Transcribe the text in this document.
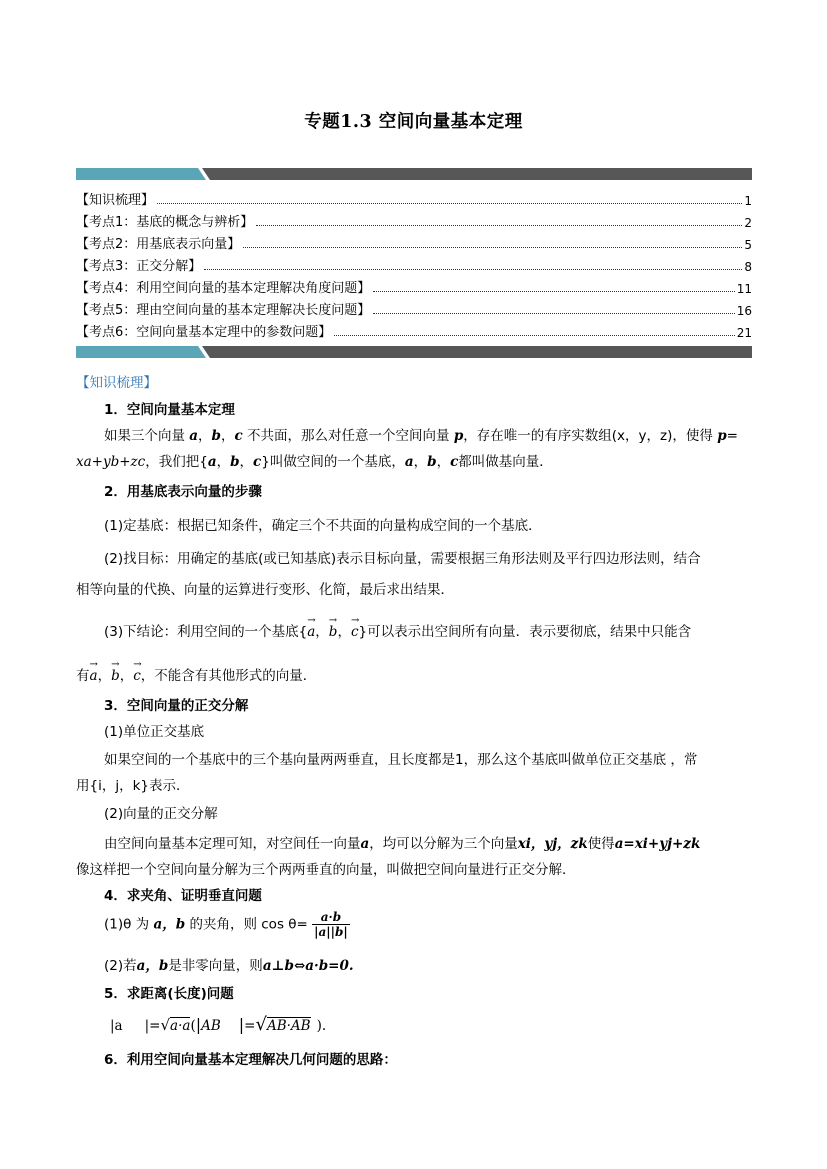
专题1.3 空间向量基本定理
【知识梳理】	1
【考点1：基底的概念与辨析】	2
【考点2：用基底表示向量】	5
【考点3：正交分解】	8
【考点4：利用空间向量的基本定理解决角度问题】	11
【考点5：理由空间向量的基本定理解决长度问题】	16
【考点6：空间向量基本定理中的参数问题】	21
【知识梳理】
1．空间向量基本定理
如果三个向量 a，b，c 不共面，那么对任意一个空间向量 p，存在唯一的有序实数组(x，y，z)，使得 p=
xa+yb+zc，我们把{a，b，c}叫做空间的一个基底，a，b，c都叫做基向量．
2．用基底表示向量的步骤
(1)定基底：根据已知条件，确定三个不共面的向量构成空间的一个基底．
(2)找目标：用确定的基底(或已知基底)表示目标向量，需要根据三角形法则及平行四边形法则，结合
相等向量的代换、向量的运算进行变形、化简，最后求出结果．
(3)下结论：利用空间的一个基底{a
→
，b
→
，c
→
}可以表示出空间所有向量．表示要彻底，结果中只能含
有a
→
，b
→
，c
→
，不能含有其他形式的向量．
3．空间向量的正交分解
(1)单位正交基底
如果空间的一个基底中的三个基向量两两垂直，且长度都是1，那么这个基底叫做单位正交基底 ，常
用{i，j，k}表示．
(2)向量的正交分解
由空间向量基本定理可知，对空间任一向量a，均可以分解为三个向量xi，yj，zk使得a=xi+yj+zk
像这样把一个空间向量分解为三个两两垂直的向量，叫做把空间向量进行正交分解．
4．求夹角、证明垂直问题
(1)θ 为 a，b 的夹角，则 $\cos \theta= \frac{a\cdot b}{|a||b|}$
(2)若a，b是非零向量，则a⊥b⇔a·b=0.
5．求距离(长度)问题
|a |=√a·a(|AB |=√AB·AB ).
6．利用空间向量基本定理解决几何问题的思路：
